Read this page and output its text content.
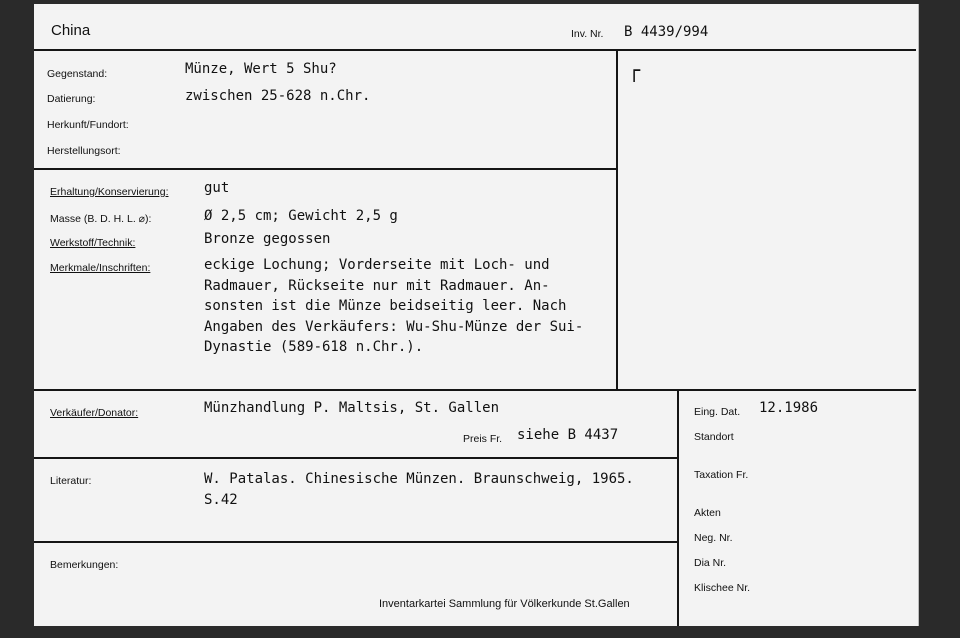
China	Inv. Nr. B 4439/994
┌
Gegenstand:	Münze, Wert 5 Shu?
Datierung:	zwischen 25-628 n.Chr.
Herkunft/Fundort:
Herstellungsort:
Erhaltung/Konservierung:	gut
Masse (B. D. H. L. ⌀):	Ø 2,5 cm; Gewicht 2,5 g
Werkstoff/Technik:	Bronze gegossen
Merkmale/Inschriften:	eckige Lochung; Vorderseite mit Loch- und
Radmauer, Rückseite nur mit Radmauer. An-
sonsten ist die Münze beidseitig leer. Nach
Angaben des Verkäufers: Wu-Shu-Münze der Sui-
Dynastie (589-618 n.Chr.).
Verkäufer/Donator:	Münzhandlung P. Maltsis, St. Gallen
Preis Fr. siehe B 4437
Literatur:	W. Patalas. Chinesische Münzen. Braunschweig, 1965.
S.42
Bemerkungen:
Inventarkartei Sammlung für Völkerkunde St.Gallen
Eing. Dat. 12.1986
Standort
Taxation Fr.
Akten
Neg. Nr.
Dia Nr.
Klischee Nr.
